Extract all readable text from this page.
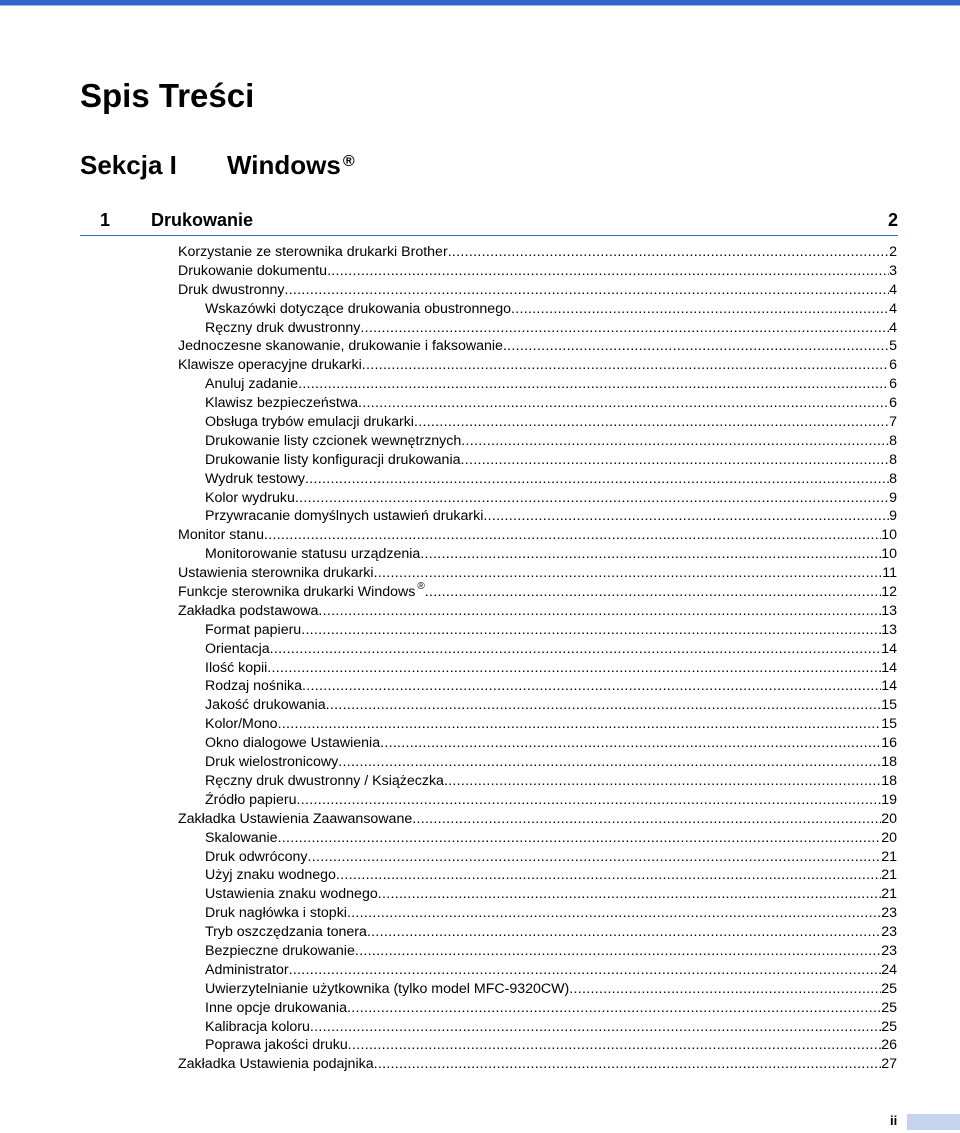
Spis Treści
Sekcja I Windows ®
1 Drukowanie	2
Korzystanie ze sterownika drukarki Brother .....	2
Drukowanie dokumentu .....	3
Druk dwustronny .....	4
Wskazówki dotyczące drukowania obustronnego .....	4
Ręczny druk dwustronny .....	4
Jednoczesne skanowanie, drukowanie i faksowanie .....	5
Klawisze operacyjne drukarki .....	6
Anuluj zadanie .....	6
Klawisz bezpieczeństwa .....	6
Obsługa trybów emulacji drukarki .....	7
Drukowanie listy czcionek wewnętrznych .....	8
Drukowanie listy konfiguracji drukowania .....	8
Wydruk testowy .....	8
Kolor wydruku .....	9
Przywracanie domyślnych ustawień drukarki .....	9
Monitor stanu .....	10
Monitorowanie statusu urządzenia .....	10
Ustawienia sterownika drukarki .....	11
Funkcje sterownika drukarki Windows ® .....	12
Zakładka podstawowa .....	13
Format papieru .....	13
Orientacja .....	14
Ilość kopii .....	14
Rodzaj nośnika .....	14
Jakość drukowania .....	15
Kolor/Mono .....	15
Okno dialogowe Ustawienia .....	16
Druk wielostronicowy .....	18
Ręczny druk dwustronny / Książeczka .....	18
Źródło papieru .....	19
Zakładka Ustawienia Zaawansowane .....	20
Skalowanie .....	20
Druk odwrócony .....	21
Użyj znaku wodnego .....	21
Ustawienia znaku wodnego .....	21
Druk nagłówka i stopki .....	23
Tryb oszczędzania tonera .....	23
Bezpieczne drukowanie .....	23
Administrator .....	24
Uwierzytelnianie użytkownika (tylko model MFC-9320CW) .....	25
Inne opcje drukowania .....	25
Kalibracja koloru .....	25
Poprawa jakości druku .....	26
Zakładka Ustawienia podajnika .....	27
ii
